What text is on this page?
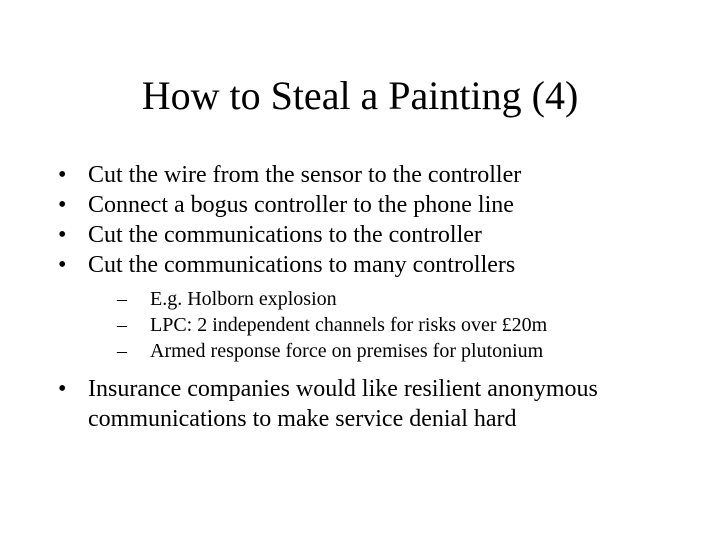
How to Steal a Painting (4)
• Cut the wire from the sensor to the controller
• Connect a bogus controller to the phone line
• Cut the communications to the controller
• Cut the communications to many controllers
–	E.g. Holborn explosion
–	LPC: 2 independent channels for risks over £20m
–	Armed response force on premises for plutonium
• Insurance companies would like resilient anonymous communications to make service denial hard
